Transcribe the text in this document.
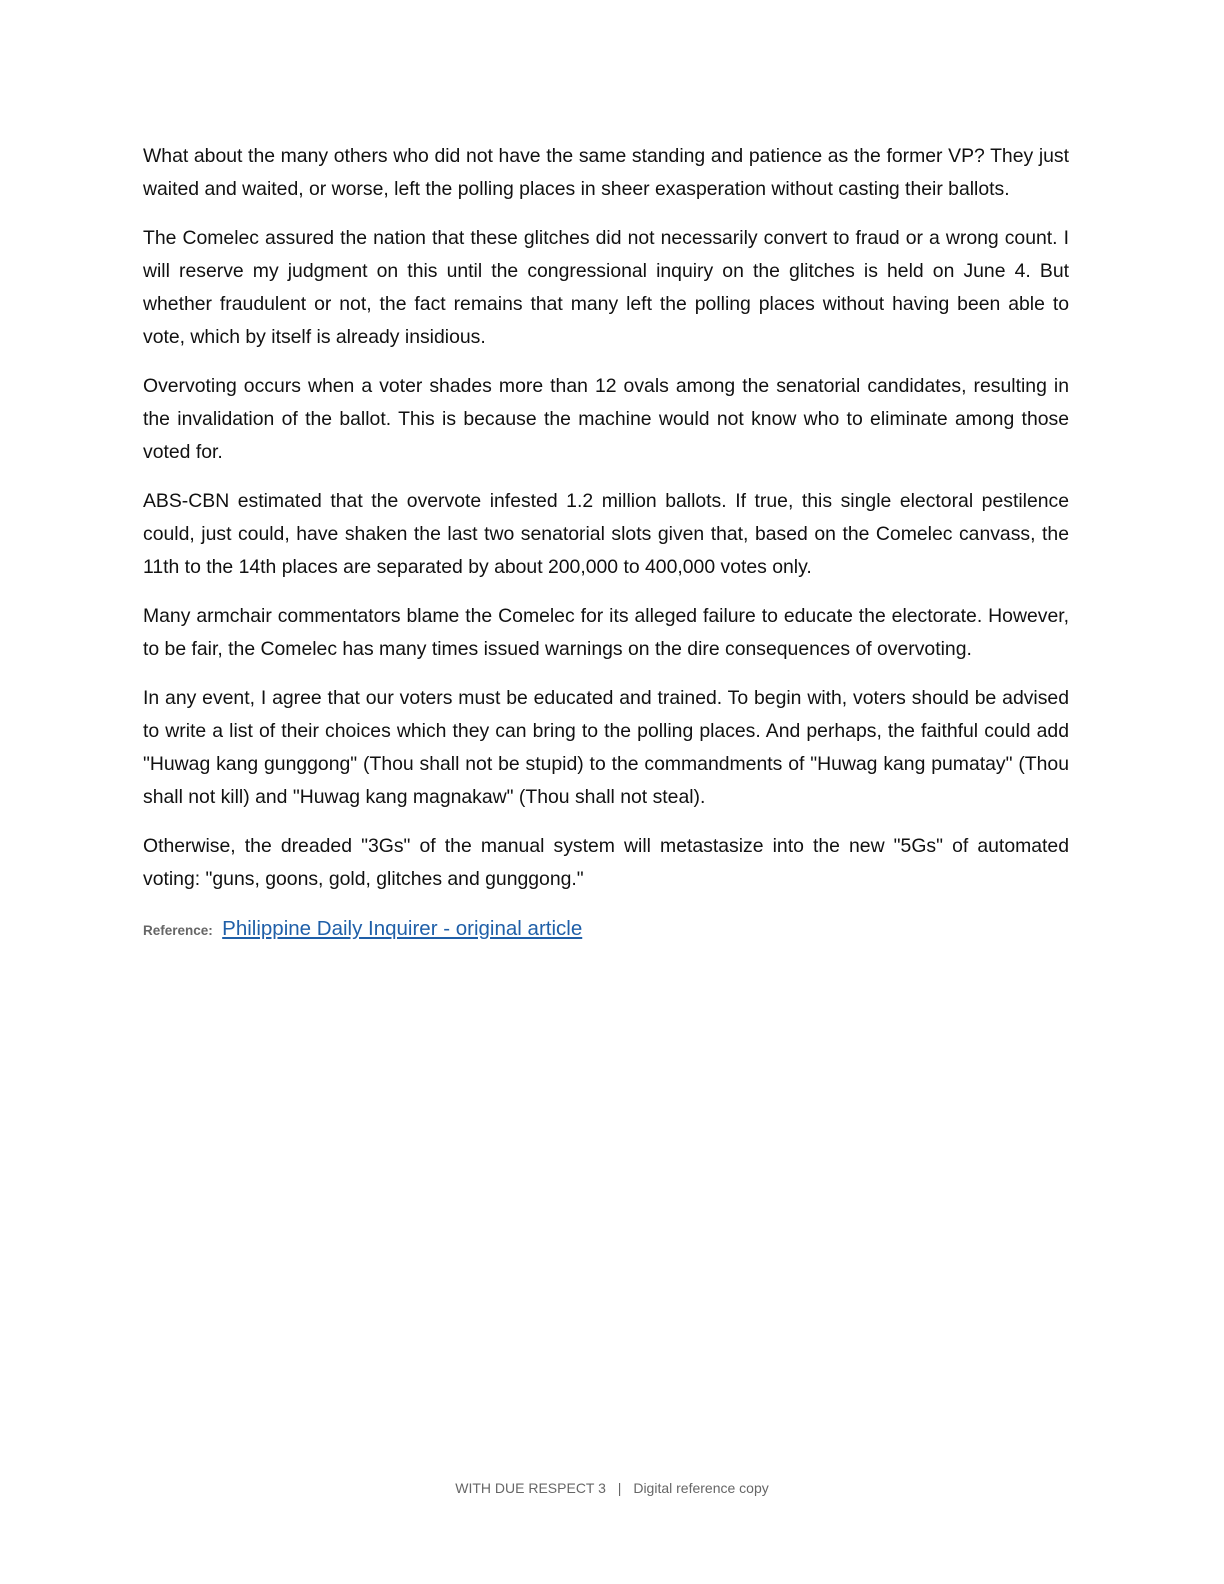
What about the many others who did not have the same standing and patience as the former VP? They just waited and waited, or worse, left the polling places in sheer exasperation without casting their ballots.

The Comelec assured the nation that these glitches did not necessarily convert to fraud or a wrong count. I will reserve my judgment on this until the congressional inquiry on the glitches is held on June 4. But whether fraudulent or not, the fact remains that many left the polling places without having been able to vote, which by itself is already insidious.

Overvoting occurs when a voter shades more than 12 ovals among the senatorial candidates, resulting in the invalidation of the ballot. This is because the machine would not know who to eliminate among those voted for.

ABS-CBN estimated that the overvote infested 1.2 million ballots. If true, this single electoral pestilence could, just could, have shaken the last two senatorial slots given that, based on the Comelec canvass, the 11th to the 14th places are separated by about 200,000 to 400,000 votes only.

Many armchair commentators blame the Comelec for its alleged failure to educate the electorate. However, to be fair, the Comelec has many times issued warnings on the dire consequences of overvoting.

In any event, I agree that our voters must be educated and trained. To begin with, voters should be advised to write a list of their choices which they can bring to the polling places. And perhaps, the faithful could add "Huwag kang gunggong" (Thou shall not be stupid) to the commandments of "Huwag kang pumatay" (Thou shall not kill) and "Huwag kang magnakaw" (Thou shall not steal).

Otherwise, the dreaded "3Gs" of the manual system will metastasize into the new "5Gs" of automated voting: "guns, goons, gold, glitches and gunggong."

Reference: Philippine Daily Inquirer - original article
WITH DUE RESPECT 3 | Digital reference copy
